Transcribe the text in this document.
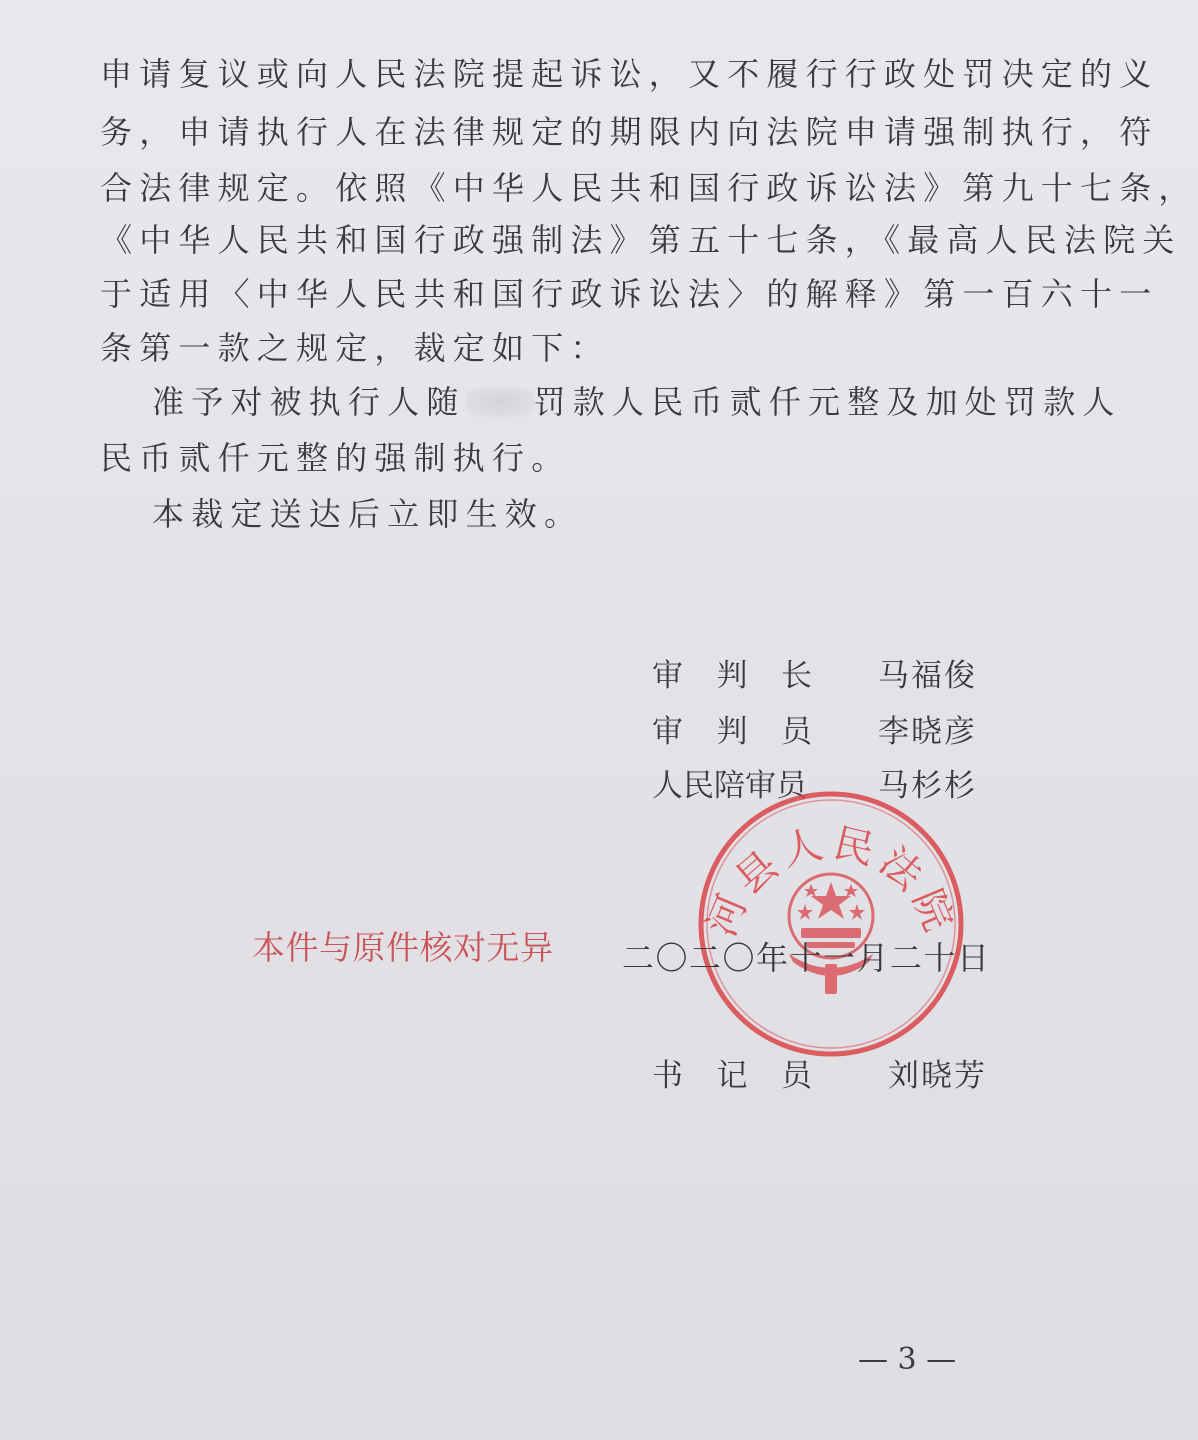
申请复议或向人民法院提起诉讼，又不履行行政处罚决定的义
务，申请执行人在法律规定的期限内向法院申请强制执行，符
合法律规定。依照《中华人民共和国行政诉讼法》第九十七条，
《中华人民共和国行政强制法》第五十七条，《最高人民法院关
于适用〈中华人民共和国行政诉讼法〉的解释》第一百六十一
条第一款之规定，裁定如下：
准予对被执行人随 罚款人民币贰仟元整及加处罚款人
民币贰仟元整的强制执行。
本裁定送达后立即生效。
审 判 长 马福俊
审 判 员 李晓彦
人民陪审员 马杉杉
本件与原件核对无异
河县人民法院
二〇二〇年十一月二十日
书 记 员 刘晓芳
— 3 —
